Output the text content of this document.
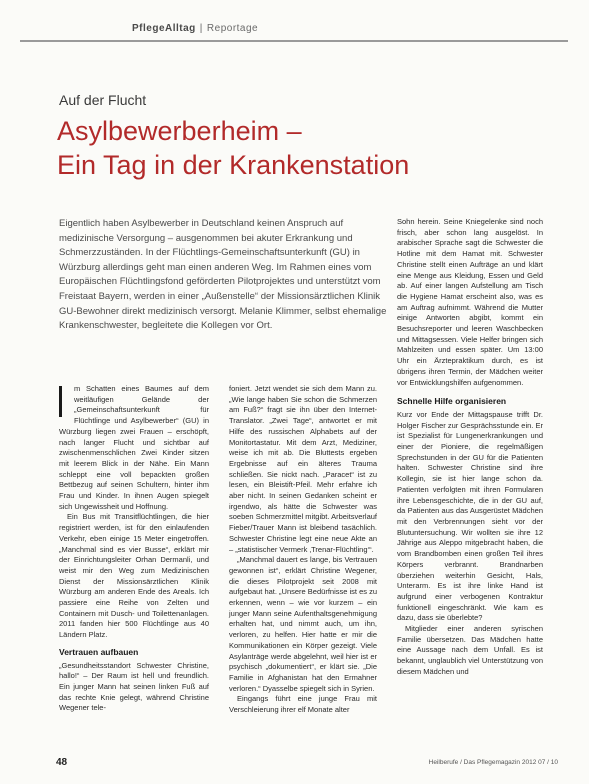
PflegeAlltag | Reportage
Auf der Flucht
Asylbewerberheim –
Ein Tag in der Krankenstation
Eigentlich haben Asylbewerber in Deutschland keinen Anspruch auf medizinische Versorgung – ausgenommen bei akuter Erkrankung und Schmerzzuständen. In der Flüchtlings-Gemeinschaftsunterkunft (GU) in Würzburg allerdings geht man einen anderen Weg. Im Rahmen eines vom Europäischen Flüchtlingsfond geförderten Pilotprojektes und unterstützt vom Freistaat Bayern, werden in einer „Außenstelle“ der Missionsärztlichen Klinik GU-Bewohner direkt medizinisch versorgt. Melanie Klimmer, selbst ehemalige Krankenschwester, begleitete die Kollegen vor Ort.

m Schatten eines Baumes auf dem weitläufigen Gelände der „Gemeinschaftsunterkunft für Flüchtlinge und Asylbewerber“ (GU) in Würzburg liegen zwei Frauen – erschöpft, nach langer Flucht und sichtbar auf zwischenmenschlichen Zwei Kinder sitzen mit leerem Blick in der Nähe. Ein Mann schleppt eine voll bepackten großen Bettbezug auf seinen Schultern, hinter ihm Frau und Kinder. In ihnen Augen spiegelt sich Ungewissheit und Hoffnung.

Ein Bus mit Transitflüchtlingen, die hier registriert werden, ist für den einlaufenden Verkehr, eben einige 15 Meter eingetroffen. „Manchmal sind es vier Busse“, erklärt mir der Einrichtungsleiter Orhan Dermanli, und weist mir den Weg zum Medizinischen Dienst der Missionsärztlichen Klinik Würzburg am anderen Ende des Areals. Ich passiere eine Reihe von Zelten und Containern mit Dusch- und Toilettenanlagen. 2011 fanden hier 500 Flüchtlinge aus 40 Ländern Platz.

Vertrauen aufbauen

„Gesundheitsstandort Schwester Christine, hallo!“ – Der Raum ist hell und freundlich. Ein junger Mann hat seinen linken Fuß auf das rechte Knie gelegt, während Christine Wegener tele-

foniert. Jetzt wendet sie sich dem Mann zu. „Wie lange haben Sie schon die Schmerzen am Fuß?“ fragt sie ihn über den Internet-Translator. „Zwei Tage“, antwortet er mit Hilfe des russischen Alphabets auf der Monitortastatur. Mit dem Arzt, Mediziner, weise ich mit ab. Die Bluttests ergeben Ergebnisse auf ein älteres Trauma schließen. Sie nickt nach. „Paracet“ ist zu lesen, ein Bleistift-Pfeil. Mehr erfahre ich aber nicht. In seinen Gedanken scheint er irgendwo, als hätte die Schwester was soeben Schmerzmittel mitgibt. Arbeitsverlauf Fieber/Trauer Mann ist bleibend tasächlich. Schwester Christine legt eine neue Akte an – „statistischer Vermerk ‚Trenar-Flüchtling‘“.

„Manchmal dauert es lange, bis Vertrauen gewonnen ist“, erklärt Christine Wegener, die dieses Pilotprojekt seit 2008 mit aufgebaut hat. „Unsere Bedürfnisse ist es zu erkennen, wenn – wie vor kurzem – ein junger Mann seine Aufenthaltsgenehmigung erhalten hat, und nimmt auch, um ihn, verloren, zu helfen. Hier hatte er mir die Kommunikationen ein Körper gezeigt. Viele Asylanträge werde abgelehnt, weil hier ist er psychisch „dokumentiert“, er klärt sie. „Die Familie in Afghanistan hat den Ermahner verloren.“ Dyasselbe spiegelt sich in Syrien.

Eingangs führt eine junge Frau mit Verschleierung ihrer elf Monate alter

Sohn herein. Seine Kniegelenke sind noch frisch, aber schon lang ausgelöst. In arabischer Sprache sagt die Schwester die Hotline mit dem Hamat mit. Schwester Christine stellt einen Aufträge an und klärt eine Menge aus Kleidung, Essen und Geld ab. Auf einer langen Aufstellung am Tisch die Hygiene Hamat erscheint also, was es am Auftrag aufnimmt. Während die Mutter einige Antworten abgibt, kommt ein Besuchsreporter und leeren Waschbecken und Mittagsessen. Viele Helfer bringen sich Mahlzeiten und essen später. Um 13:00 Uhr ein Ärztepraktikum durch, es ist übrigens ihren Termin, der Mädchen weiter vor Entwicklungshilfen aufgenommen.

Schnelle Hilfe organisieren

Kurz vor Ende der Mittagspause trifft Dr. Holger Fischer zur Gesprächsstunde ein. Er ist Spezialist für Lungenerkrankungen und einer der Pioniere, die regelmäßigen Sprechstunden in der GU für die Patienten halten. Schwester Christine sind ihre Kollegin, sie ist hier lange schon da. Patienten verfolgten mit ihren Formularen ihre Lebensgeschichte, die in der GU auf, da Patienten aus das Ausgerüstet Mädchen mit den Verbrennungen sieht vor der Blutuntersuchung. Wir wollten sie ihre 12 Jährige aus Aleppo mitgebracht haben, die vom Brandbomben einen großen Teil ihres Körpers verbrannt. Brandnarben überziehen weiterhin Gesicht, Hals, Unterarm. Es ist ihre linke Hand ist aufgrund einer verbogenen Kontraktur funktionell eingeschränkt. Wie kam es dazu, dass sie überlebte?

Mitglieder einer anderen syrischen Familie übersetzen. Das Mädchen hatte eine Aussage nach dem Unfall. Es ist bekannt, unglaublich viel Unterstützung von diesem Mädchen und

48	Heilberufe / Das Pflegemagazin 2012 07 / 10
